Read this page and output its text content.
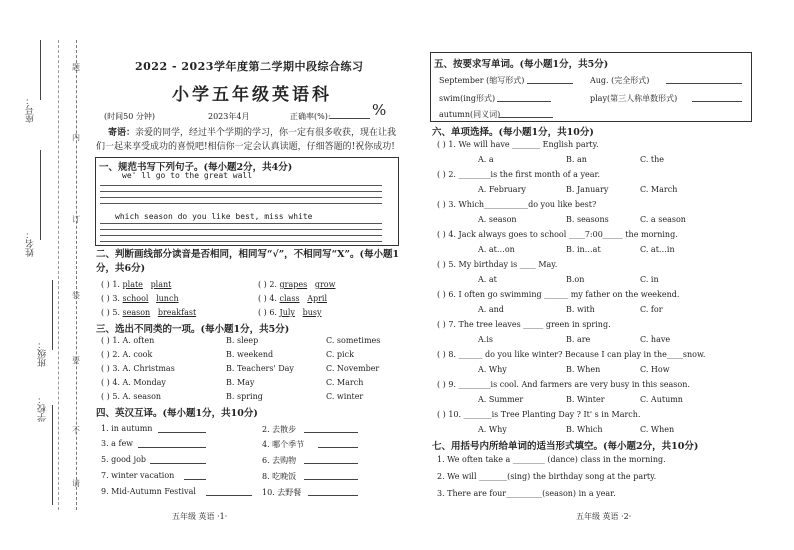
题
内
订
装
要
不
请
座号：
姓名：
班级：
学校：
2022 - 2023学年度第二学期中段综合练习
小学五年级英语科
(时间50 分钟)	2023年4月	正确率(%):	%
寄语：亲爱的同学，经过半个学期的学习，你一定有很多收获，现在让我们一起来享受成功的喜悦吧!相信你一定会认真读题，仔细答题的!祝你成功!
一、规范书写下列句子。(每小题2分，共4分)
we' ll go to the great wall
which season do you like best, miss white
二、判断画线部分读音是否相同，相同写“√”，不相同写“X”。(每小题1分，共6分)
( ) 1. plate plant	( ) 2. grapes grow
( ) 3. school lunch	( ) 4. class April
( ) 5. season breakfast	( ) 6. July busy
三、选出不同类的一项。(每小题1分，共5分)
( ) 1. A. often	B. sleep	C. sometimes
( ) 2. A. cook	B. weekend	C. pick
( ) 3. A. Christmas	B. Teachers' Day	C. November
( ) 4. A. Monday	B. May	C. March
( ) 5. A. season	B. spring	C. winter
四、英汉互译。(每小题1分，共10分)
1. in autumn	2. 去散步
3. a few	4. 哪个季节
5. good job	6. 去购物
7. winter vacation	8. 吃晚饭
9. Mid-Autumn Festival	10. 去野餐
五年级 英语 ·1·
五、按要求写单词。(每小题1分，共5分)
September (缩写形式)	Aug. (完全形式)
swim(ing形式)	play(第三人称单数形式)
autumn(同义词)
六、单项选择。(每小题1分，共10分)
( ) 1. We will have _______ English party.
A. a	B. an	C. the
( ) 2. ________is the first month of a year.
A. February	B. January	C. March
( ) 3. Which___________do you like best?
A. season	B. seasons	C. a season
( ) 4. Jack always goes to school ____7:00_____ the morning.
A. at…on	B. in…at	C. at…in
( ) 5. My birthday is ____ May.
A. at	B.on	C. in
( ) 6. I often go swimming ______ my father on the weekend.
A. and	B. with	C. for
( ) 7. The tree leaves _____ green in spring.
A.is	B. are	C. have
( ) 8. ______ do you like winter? Because I can play in the____snow.
A. Why	B. When	C. How
( ) 9. ________is cool. And farmers are very busy in this season.
A. Summer	B. Winter	C. Autumn
( ) 10. _______is Tree Planting Day ? It' s in March.
A. Why	B. Which	C. When
七、用括号内所给单词的适当形式填空。(每小题2分，共10分)
1. We often take a ________ (dance) class in the morning.
2. We will _______(sing) the birthday song at the party.
3. There are four_________(season) in a year.
五年级 英语 ·2·
